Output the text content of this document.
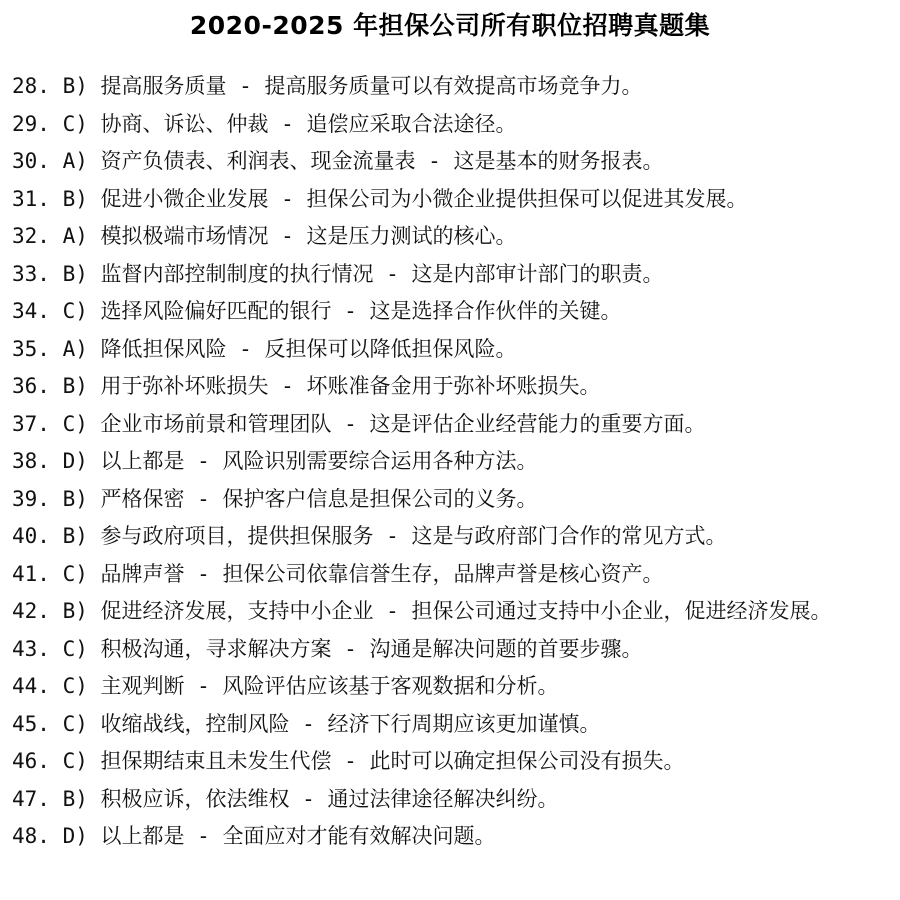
2020-2025 年担保公司所有职位招聘真题集
28. B) 提高服务质量 - 提高服务质量可以有效提高市场竞争力。
29. C) 协商、诉讼、仲裁 - 追偿应采取合法途径。
30. A) 资产负债表、利润表、现金流量表 - 这是基本的财务报表。
31. B) 促进小微企业发展 - 担保公司为小微企业提供担保可以促进其发展。
32. A) 模拟极端市场情况 - 这是压力测试的核心。
33. B) 监督内部控制制度的执行情况 - 这是内部审计部门的职责。
34. C) 选择风险偏好匹配的银行 - 这是选择合作伙伴的关键。
35. A) 降低担保风险 - 反担保可以降低担保风险。
36. B) 用于弥补坏账损失 - 坏账准备金用于弥补坏账损失。
37. C) 企业市场前景和管理团队 - 这是评估企业经营能力的重要方面。
38. D) 以上都是 - 风险识别需要综合运用各种方法。
39. B) 严格保密 - 保护客户信息是担保公司的义务。
40. B) 参与政府项目，提供担保服务 - 这是与政府部门合作的常见方式。
41. C) 品牌声誉 - 担保公司依靠信誉生存，品牌声誉是核心资产。
42. B) 促进经济发展，支持中小企业 - 担保公司通过支持中小企业，促进经济发展。
43. C) 积极沟通，寻求解决方案 - 沟通是解决问题的首要步骤。
44. C) 主观判断 - 风险评估应该基于客观数据和分析。
45. C) 收缩战线，控制风险 - 经济下行周期应该更加谨慎。
46. C) 担保期结束且未发生代偿 - 此时可以确定担保公司没有损失。
47. B) 积极应诉，依法维权 - 通过法律途径解决纠纷。
48. D) 以上都是 - 全面应对才能有效解决问题。
